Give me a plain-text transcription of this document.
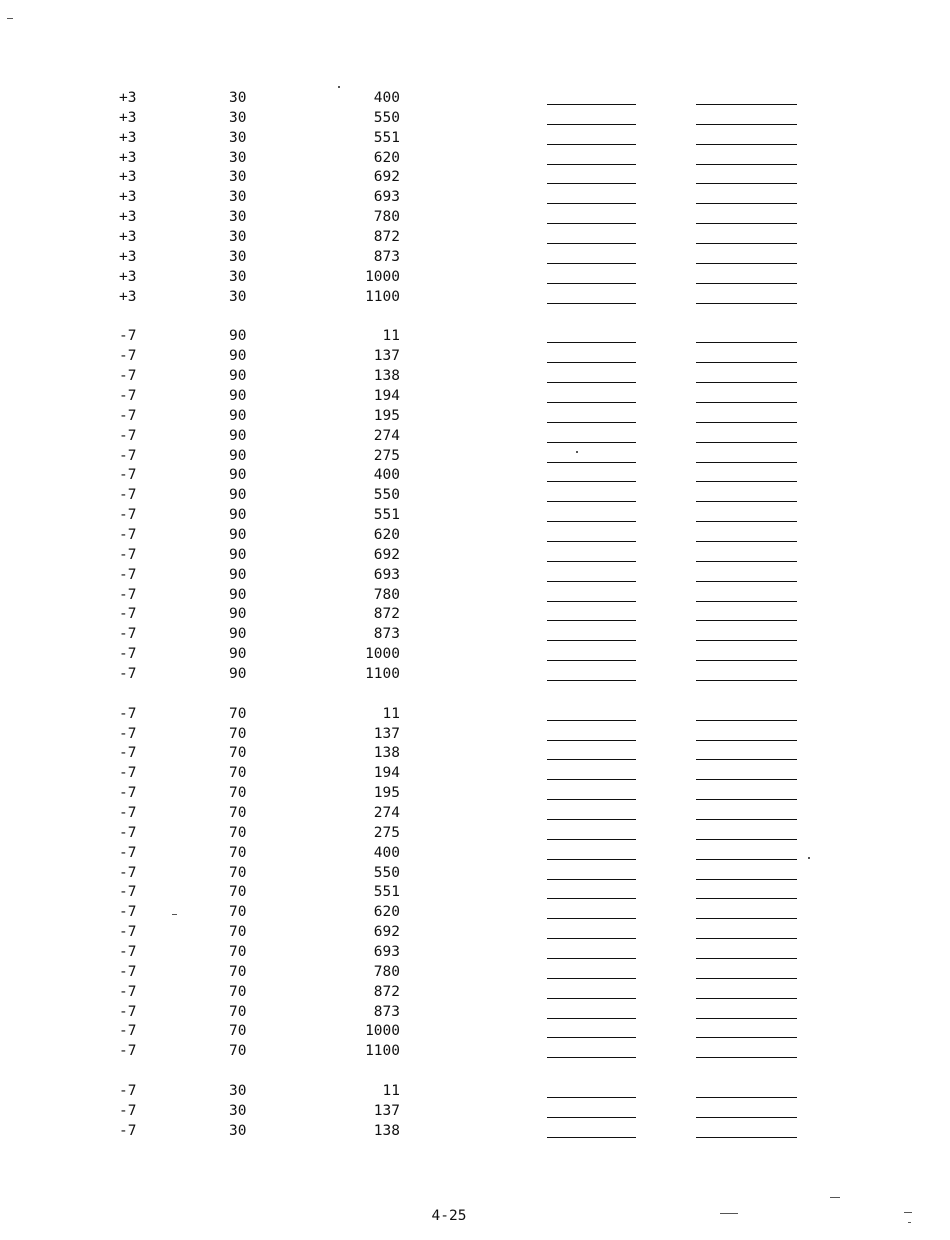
+3	30	400
+3	30	550
+3	30	551
+3	30	620
+3	30	692
+3	30	693
+3	30	780
+3	30	872
+3	30	873
+3	30	1000
+3	30	1100
-7	90	11
-7	90	137
-7	90	138
-7	90	194
-7	90	195
-7	90	274
-7	90	275
-7	90	400
-7	90	550
-7	90	551
-7	90	620
-7	90	692
-7	90	693
-7	90	780
-7	90	872
-7	90	873
-7	90	1000
-7	90	1100
-7	70	11
-7	70	137
-7	70	138
-7	70	194
-7	70	195
-7	70	274
-7	70	275
-7	70	400
-7	70	550
-7	70	551
-7	70	620
-7	70	692
-7	70	693
-7	70	780
-7	70	872
-7	70	873
-7	70	1000
-7	70	1100
-7	30	11
-7	30	137
-7	30	138
4-25
